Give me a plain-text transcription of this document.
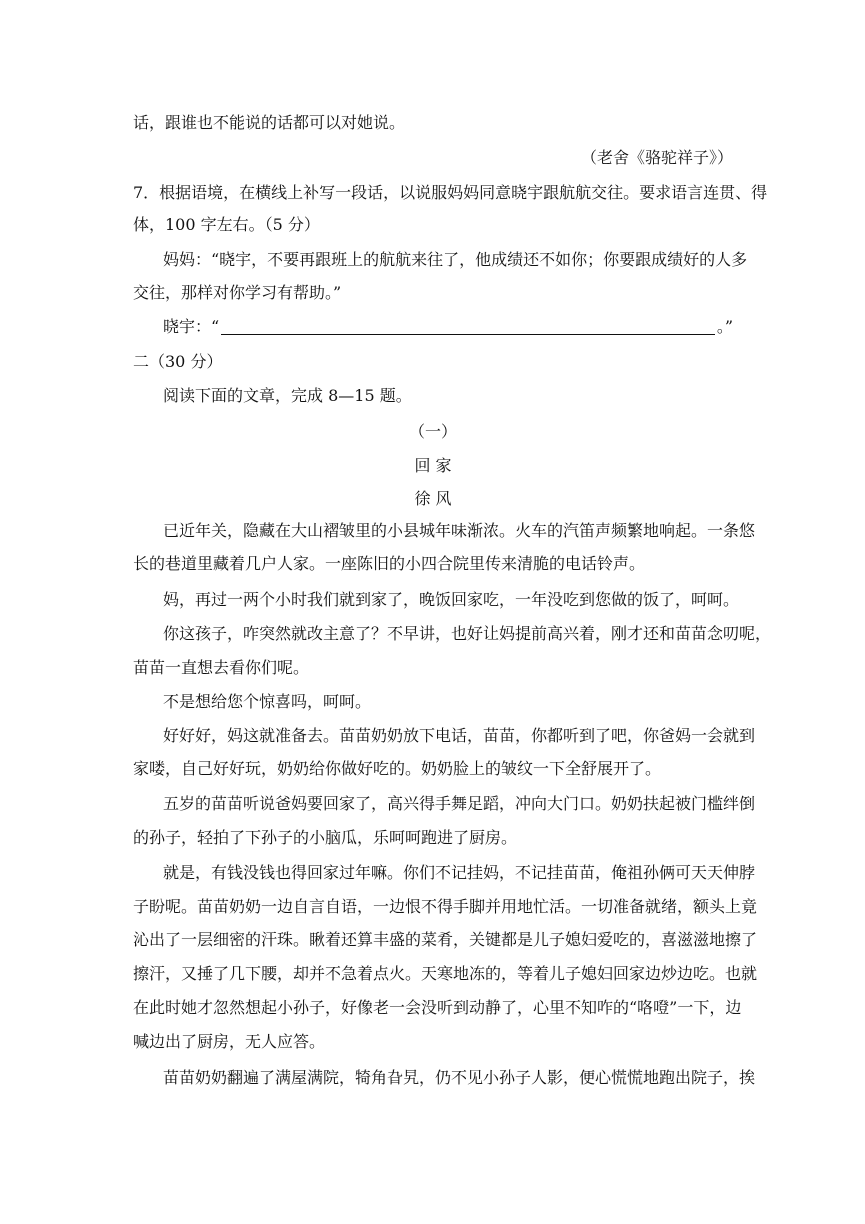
话，跟谁也不能说的话都可以对她说。
（老舍《骆驼祥子》）
7．根据语境，在横线上补写一段话，以说服妈妈同意晓宇跟航航交往。要求语言连贯、得
体，100 字左右。（5 分）
妈妈：“晓宇，不要再跟班上的航航来往了，他成绩还不如你；你要跟成绩好的人多
交往，那样对你学习有帮助。”
晓宇：“	。”
二（30 分）
阅读下面的文章，完成 8—15 题。
（一）
回 家
徐 风
已近年关，隐藏在大山褶皱里的小县城年味渐浓。火车的汽笛声频繁地响起。一条悠
长的巷道里藏着几户人家。一座陈旧的小四合院里传来清脆的电话铃声。
妈，再过一两个小时我们就到家了，晚饭回家吃，一年没吃到您做的饭了，呵呵。
你这孩子，咋突然就改主意了？不早讲，也好让妈提前高兴着，刚才还和苗苗念叨呢，
苗苗一直想去看你们呢。
不是想给您个惊喜吗，呵呵。
好好好，妈这就准备去。苗苗奶奶放下电话，苗苗，你都听到了吧，你爸妈一会就到
家喽，自己好好玩，奶奶给你做好吃的。奶奶脸上的皱纹一下全舒展开了。
五岁的苗苗听说爸妈要回家了，高兴得手舞足蹈，冲向大门口。奶奶扶起被门槛绊倒
的孙子，轻拍了下孙子的小脑瓜，乐呵呵跑进了厨房。
就是，有钱没钱也得回家过年嘛。你们不记挂妈，不记挂苗苗，俺祖孙俩可天天伸脖
子盼呢。苗苗奶奶一边自言自语，一边恨不得手脚并用地忙活。一切准备就绪，额头上竟
沁出了一层细密的汗珠。瞅着还算丰盛的菜肴，关键都是儿子媳妇爱吃的，喜滋滋地擦了
擦汗，又捶了几下腰，却并不急着点火。天寒地冻的，等着儿子媳妇回家边炒边吃。也就
在此时她才忽然想起小孙子，好像老一会没听到动静了，心里不知咋的“咯噔”一下，边
喊边出了厨房，无人应答。
苗苗奶奶翻遍了满屋满院，犄角旮旯，仍不见小孙子人影，便心慌慌地跑出院子，挨
